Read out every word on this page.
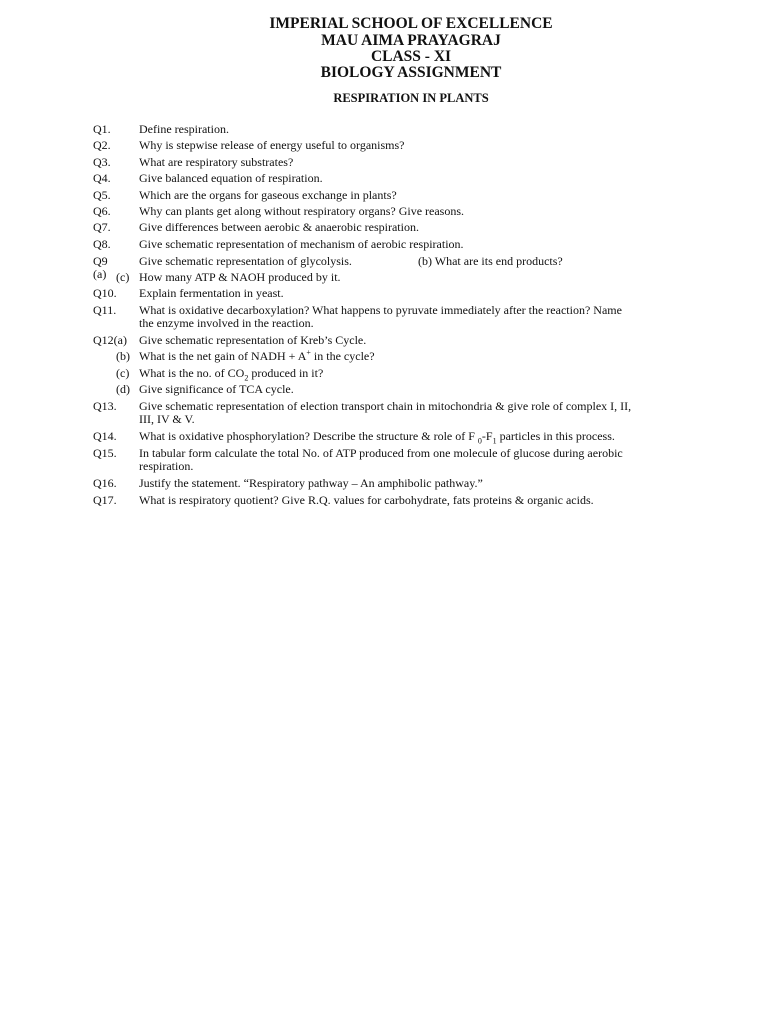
IMPERIAL SCHOOL OF EXCELLENCE
MAU AIMA PRAYAGRAJ
CLASS - XI
BIOLOGY ASSIGNMENT
RESPIRATION IN PLANTS
Q1. Define respiration.
Q2. Why is stepwise release of energy useful to organisms?
Q3. What are respiratory substrates?
Q4. Give balanced equation of respiration.
Q5. Which are the organs for gaseous exchange in plants?
Q6. Why can plants get along without respiratory organs? Give reasons.
Q7. Give differences between aerobic & anaerobic respiration.
Q8. Give schematic representation of mechanism of aerobic respiration.
Q9 (a)
Give schematic representation of glycolysis.	(b) What are its end products?
(c) How many ATP & NAOH produced by it.
Q10. Explain fermentation in yeast.
Q11. What is oxidative decarboxylation? What happens to pyruvate immediately after the reaction? Name
the enzyme involved in the reaction.
Q12(a) Give schematic representation of Kreb’s Cycle.
(b) What is the net gain of NADH + A+ in the cycle?
(c) What is the no. of $CO_2$ produced in it?
(d) Give significance of TCA cycle.
Q13. Give schematic representation of election transport chain in mitochondria & give role of complex I, II,
III, IV & V.
Q14. What is oxidative phosphorylation? Describe the structure & role of F $_0-F_1$ particles in this process.
Q15. In tabular form calculate the total No. of ATP produced from one molecule of glucose during aerobic
respiration.
Q16. Justify the statement. “Respiratory pathway – An amphibolic pathway.”
Q17. What is respiratory quotient? Give R.Q. values for carbohydrate, fats proteins & organic acids.
